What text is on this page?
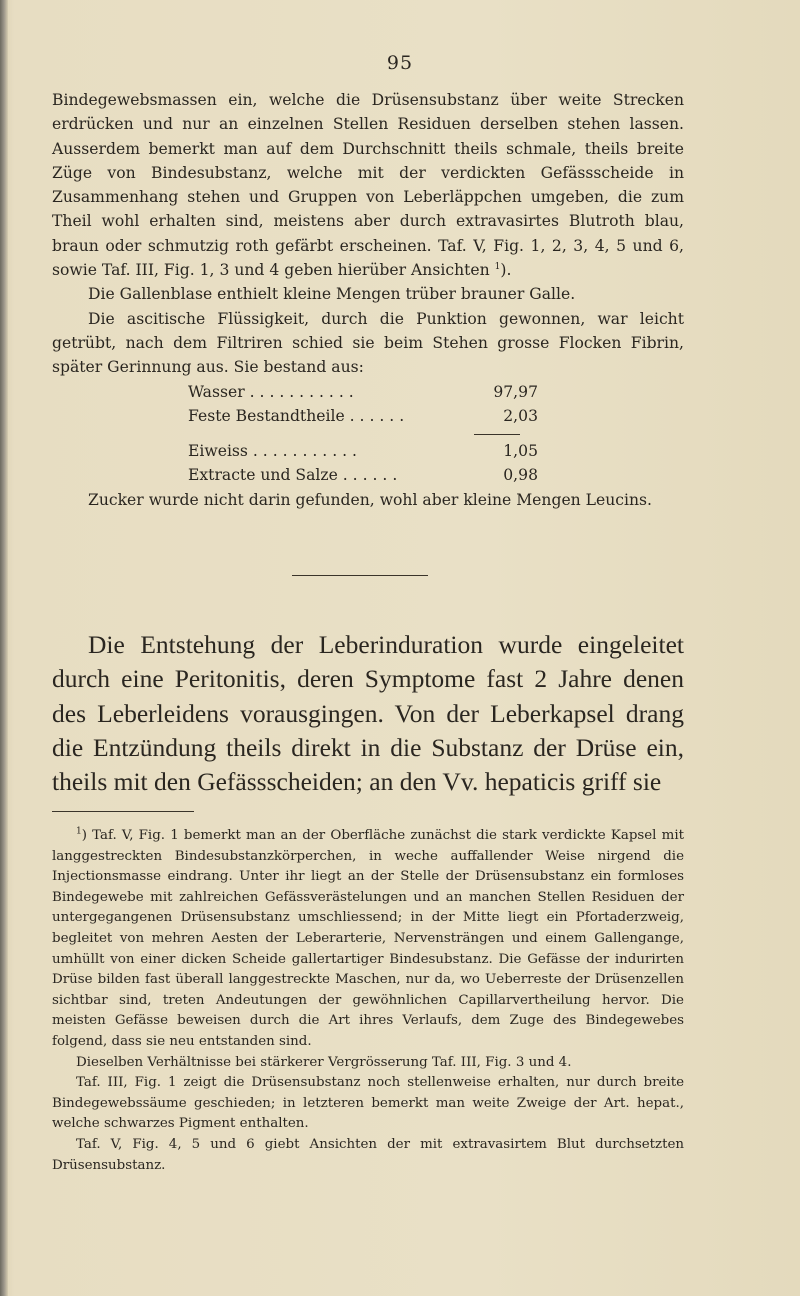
95

Bindegewebsmassen ein, welche die Drüsensubstanz über weite Strecken erdrücken und nur an einzelnen Stellen Residuen derselben stehen lassen. Ausserdem bemerkt man auf dem Durchschnitt theils schmale, theils breite Züge von Bindesubstanz, welche mit der verdickten Gefässscheide in Zusammenhang stehen und Gruppen von Leberläppchen umgeben, die zum Theil wohl erhalten sind, meistens aber durch extravasirtes Blutroth blau, braun oder schmutzig roth gefärbt erscheinen. Taf. V, Fig. 1, 2, 3, 4, 5 und 6, sowie Taf. III, Fig. 1, 3 und 4 geben hierüber Ansichten $^1$).

Die Gallenblase enthielt kleine Mengen trüber brauner Galle.

Die ascitische Flüssigkeit, durch die Punktion gewonnen, war leicht getrübt, nach dem Filtriren schied sie beim Stehen grosse Flocken Fibrin, später Gerinnung aus. Sie bestand aus:

Wasser . . . . . . . . . . .	97,97
Feste Bestandtheile . . . . . .	2,03
Eiweiss . . . . . . . . . . .	1,05
Extracte und Salze . . . . . .	0,98

Zucker wurde nicht darin gefunden, wohl aber kleine Mengen Leucins.

Die Entstehung der Leberinduration wurde eingeleitet durch eine Peritonitis, deren Symptome fast 2 Jahre denen des Leberleidens vorausgingen. Von der Leberkapsel drang die Entzündung theils direkt in die Substanz der Drüse ein, theils mit den Gefässscheiden; an den Vv. hepaticis griff sie

$^1$) Taf. V, Fig. 1 bemerkt man an der Oberfläche zunächst die stark verdickte Kapsel mit langgestreckten Bindesubstanzkörperchen, in weche auffallender Weise nirgend die Injectionsmasse eindrang. Unter ihr liegt an der Stelle der Drüsensubstanz ein formloses Bindegewebe mit zahlreichen Gefässverästelungen und an manchen Stellen Residuen der untergegangenen Drüsensubstanz umschliessend; in der Mitte liegt ein Pfortaderzweig, begleitet von mehren Aesten der Leberarterie, Nervensträngen und einem Gallengange, umhüllt von einer dicken Scheide gallertartiger Bindesubstanz. Die Gefässe der indurirten Drüse bilden fast überall langgestreckte Maschen, nur da, wo Ueberreste der Drüsenzellen sichtbar sind, treten Andeutungen der gewöhnlichen Capillarvertheilung hervor. Die meisten Gefässe beweisen durch die Art ihres Verlaufs, dem Zuge des Bindegewebes folgend, dass sie neu entstanden sind.

Dieselben Verhältnisse bei stärkerer Vergrösserung Taf. III, Fig. 3 und 4.

Taf. III, Fig. 1 zeigt die Drüsensubstanz noch stellenweise erhalten, nur durch breite Bindegewebssäume geschieden; in letzteren bemerkt man weite Zweige der Art. hepat., welche schwarzes Pigment enthalten.

Taf. V, Fig. 4, 5 und 6 giebt Ansichten der mit extravasirtem Blut durchsetzten Drüsensubstanz.
